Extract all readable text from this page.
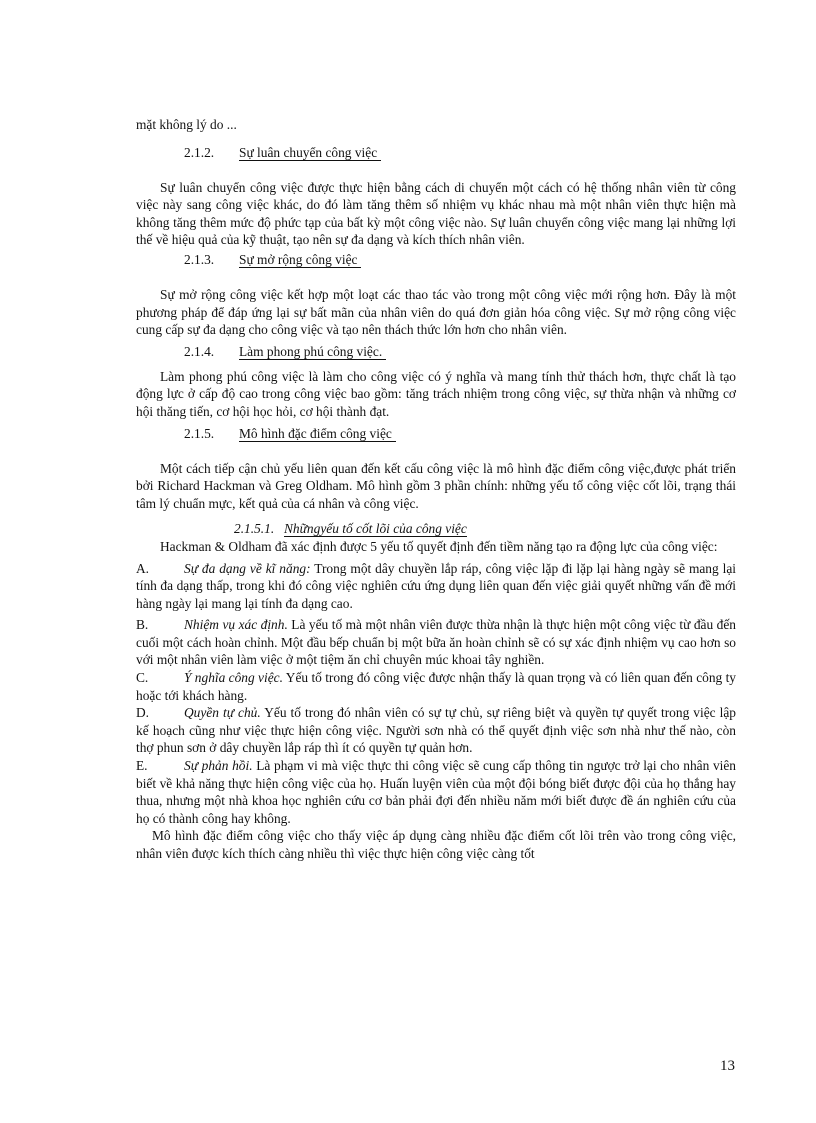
mặt không lý do ...

2.1.2. Sự luân chuyển công việc

Sự luân chuyển công việc được thực hiện bằng cách di chuyển một cách có hệ thống nhân viên từ công việc này sang công việc khác, do đó làm tăng thêm số nhiệm vụ khác nhau mà một nhân viên thực hiện mà không tăng thêm mức độ phức tạp của bất kỳ một công việc nào. Sự luân chuyển công việc mang lại những lợi thế về hiệu quả của kỹ thuật, tạo nên sự đa dạng và kích thích nhân viên.

2.1.3. Sự mở rộng công việc

Sự mở rộng công việc kết hợp một loạt các thao tác vào trong một công việc mới rộng hơn. Đây là một phương pháp để đáp ứng lại sự bất mãn của nhân viên do quá đơn giản hóa công việc. Sự mở rộng công việc cung cấp sự đa dạng cho công việc và tạo nên thách thức lớn hơn cho nhân viên.

2.1.4. Làm phong phú công việc.

Làm phong phú công việc là làm cho công việc có ý nghĩa và mang tính thử thách hơn, thực chất là tạo động lực ở cấp độ cao trong công việc bao gồm: tăng trách nhiệm trong công việc, sự thừa nhận và những cơ hội thăng tiến, cơ hội học hỏi, cơ hội thành đạt.

2.1.5. Mô hình đặc điểm công việc

Một cách tiếp cận chủ yếu liên quan đến kết cấu công việc là mô hình đặc điểm công việc,được phát triển bởi Richard Hackman và Greg Oldham. Mô hình gồm 3 phần chính: những yếu tố công việc cốt lõi, trạng thái tâm lý chuẩn mực, kết quả của cá nhân và công việc.

2.1.5.1. Nhữngyếu tố cốt lõi của công việc

Hackman & Oldham đã xác định được 5 yếu tố quyết định đến tiềm năng tạo ra động lực của công việc:

A.	Sự đa dạng về kĩ năng: Trong một dây chuyền lắp ráp, công việc lặp đi lặp lại hàng ngày sẽ mang lại tính đa dạng thấp, trong khi đó công việc nghiên cứu ứng dụng liên quan đến việc giải quyết những vấn đề mới hàng ngày lại mang lại tính đa dạng cao.

B.	Nhiệm vụ xác định. Là yếu tố mà một nhân viên được thừa nhận là thực hiện một công việc từ đầu đến cuối một cách hoàn chỉnh. Một đầu bếp chuẩn bị một bữa ăn hoàn chỉnh sẽ có sự xác định nhiệm vụ cao hơn so với một nhân viên làm việc ở một tiệm ăn chỉ chuyên múc khoai tây nghiền.

C.	Ý nghĩa công việc. Yếu tố trong đó công việc được nhận thấy là quan trọng và có liên quan đến công ty hoặc tới khách hàng.

D.	Quyền tự chủ. Yếu tố trong đó nhân viên có sự tự chủ, sự riêng biệt và quyền tự quyết trong việc lập kế hoạch cũng như việc thực hiện công việc. Người sơn nhà có thể quyết định việc sơn nhà như thế nào, còn thợ phun sơn ở dây chuyền lắp ráp thì ít có quyền tự quản hơn.

E.	Sự phản hồi. Là phạm vi mà việc thực thi công việc sẽ cung cấp thông tin ngược trở lại cho nhân viên biết về khả năng thực hiện công việc của họ. Huấn luyện viên của một đội bóng biết được đội của họ thắng hay thua, nhưng một nhà khoa học nghiên cứu cơ bản phải đợi đến nhiều năm mới biết được đề án nghiên cứu của họ có thành công hay không.

Mô hình đặc điểm công việc cho thấy việc áp dụng càng nhiều đặc điểm cốt lõi trên vào trong công việc, nhân viên được kích thích càng nhiều thì việc thực hiện công việc càng tốt

13
